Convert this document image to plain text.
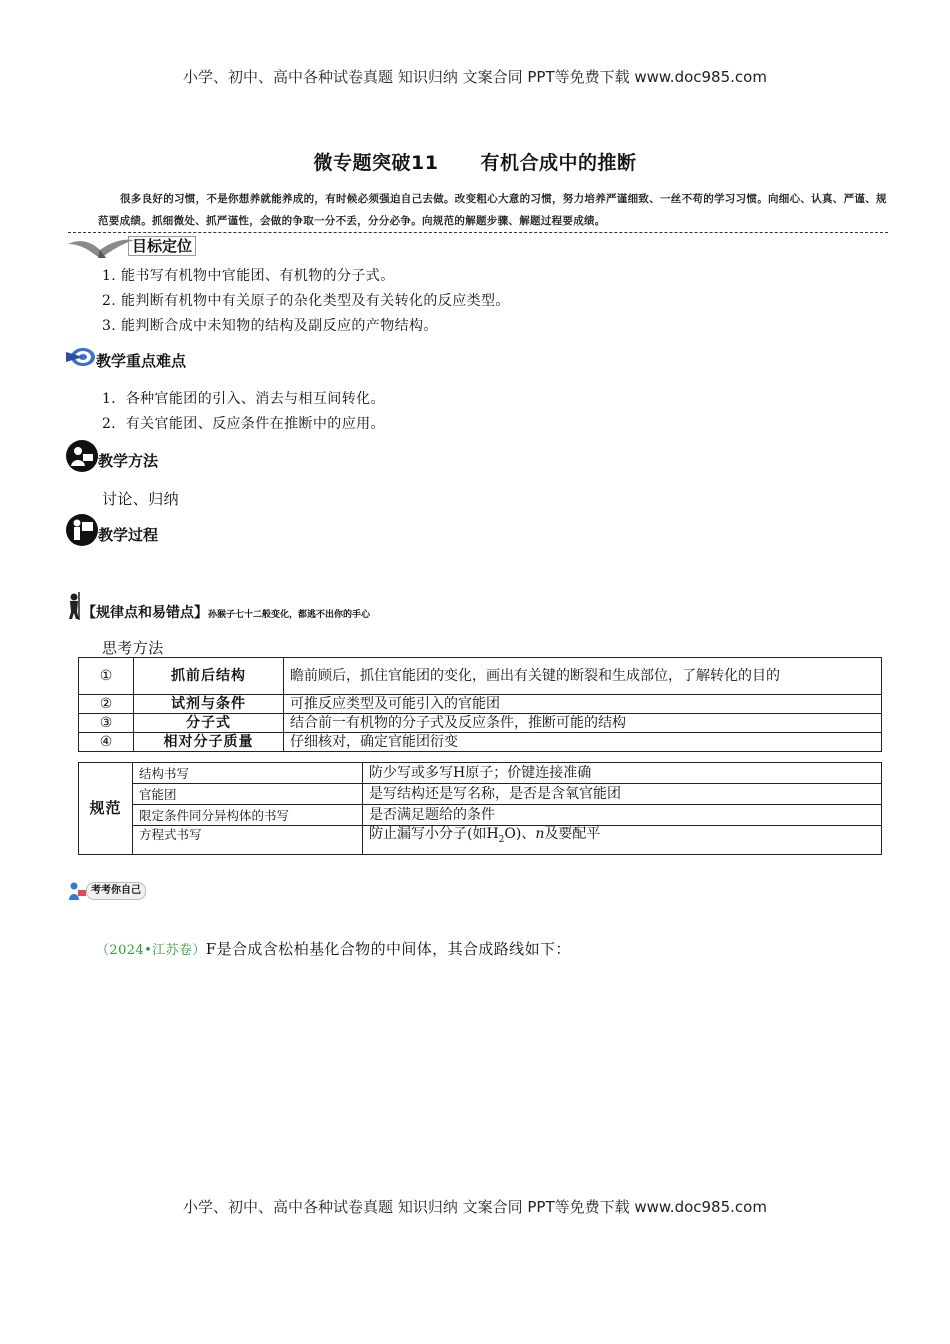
小学、初中、高中各种试卷真题 知识归纳 文案合同 PPT等免费下载 www.doc985.com
微专题突破11 有机合成中的推断
很多良好的习惯，不是你想养就能养成的，有时候必须强迫自己去做。改变粗心大意的习惯，努力培养严谨细致、一丝不苟的学习习惯。向细心、认真、严谨、规范要成绩。抓细微处、抓严谨性，会做的争取一分不丢，分分必争。向规范的解题步骤、解题过程要成绩。
目标定位
1. 能书写有机物中官能团、有机物的分子式。
2. 能判断有机物中有关原子的杂化类型及有关转化的反应类型。
3. 能判断合成中未知物的结构及副反应的产物结构。
教学重点难点
1．各种官能团的引入、消去与相互间转化。
2．有关官能团、反应条件在推断中的应用。
教学方法
讨论、归纳
教学过程
【规律点和易错点】孙猴子七十二般变化，都逃不出你的手心
思考方法
①	抓前后结构	瞻前顾后，抓住官能团的变化，画出有关键的断裂和生成部位，了解转化的目的
②	试剂与条件	可推反应类型及可能引入的官能团
③	分子式	结合前一有机物的分子式及反应条件，推断可能的结构
④	相对分子质量	仔细核对，确定官能团衍变
规范	结构书写	防少写或多写H原子；价键连接准确
	官能团	是写结构还是写名称，是否是含氧官能团
	限定条件同分异构体的书写	是否满足题给的条件
	方程式书写	防止漏写小分子(如$H_2O$)、n及要配平
考考你自己
（2024•江苏卷）F是合成含松柏基化合物的中间体，其合成路线如下：
小学、初中、高中各种试卷真题 知识归纳 文案合同 PPT等免费下载 www.doc985.com
